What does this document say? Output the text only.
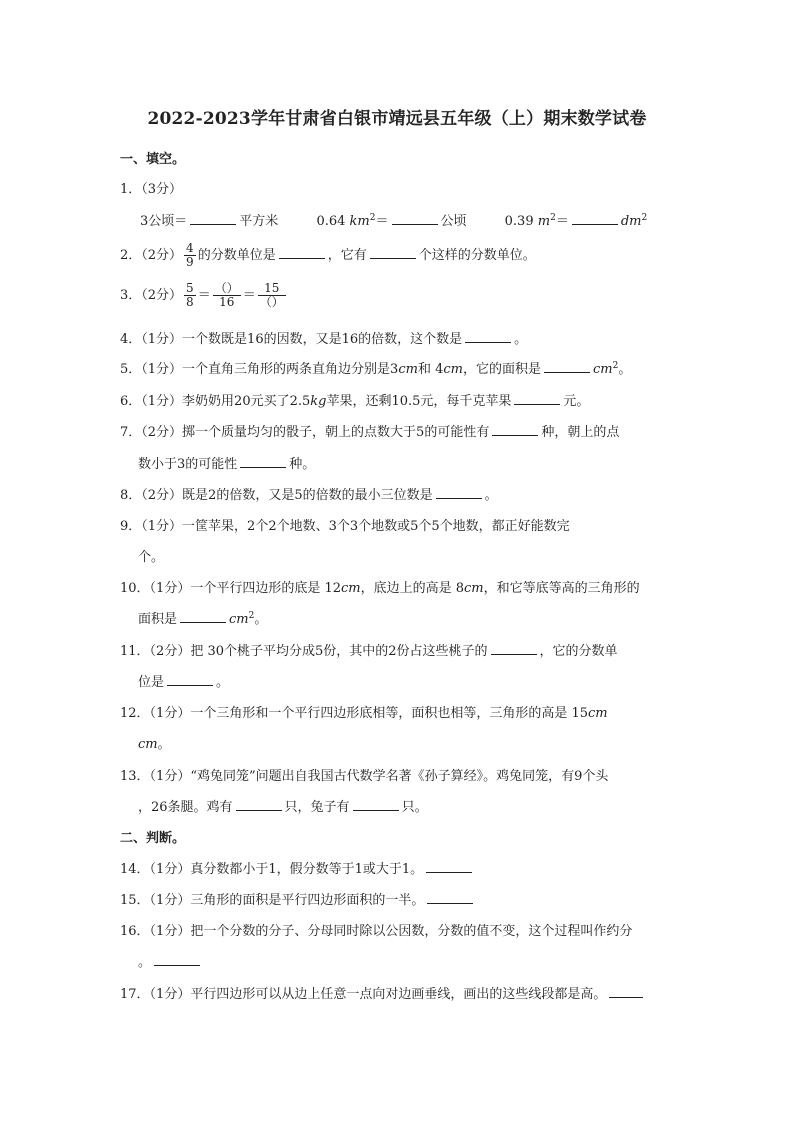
2022-2023学年甘肃省白银市靖远县五年级（上）期末数学试卷
一、填空。
1．（3分）
3公顷＝	平方米	0.64 $km^2=$	公顷	0.39 $m^2=$	$dm^2$
2．（2分） $\frac{4}{9}$ 的分数单位是	，它有	个这样的分数单位。
3．（2分） $\frac{5}{8} = \frac{()}{16} = \frac{15}{()}$
4．（1分）一个数既是16的因数，又是16的倍数，这个数是	。
5．（1分）一个直角三角形的两条直角边分别是3cm和 4cm，它的面积是	$cm^2$。
6．（1分）李奶奶用20元买了2.5kg苹果，还剩10.5元，每千克苹果	元。
7．（2分）掷一个质量均匀的骰子，朝上的点数大于5的可能性有	种，朝上的点
数小于3的可能性	种。
8．（2分）既是2的倍数，又是5的倍数的最小三位数是	。
9．（1分）一筐苹果，2个2个地数、3个3个地数或5个5个地数，都正好能数完
个。
10．（1分）一个平行四边形的底是 12cm，底边上的高是 8cm，和它等底等高的三角形的
面积是	$cm^2$。
11．（2分）把 30个桃子平均分成5份，其中的2份占这些桃子的	，它的分数单
位是	。
12．（1分）一个三角形和一个平行四边形底相等，面积也相等，三角形的高是 15cm
cm。
13．（1分）“鸡兔同笼”问题出自我国古代数学名著《孙子算经》。鸡兔同笼，有9个头
，26条腿。鸡有	只，兔子有	只。
二、判断。
14．（1分）真分数都小于1，假分数等于1或大于1。
15．（1分）三角形的面积是平行四边形面积的一半。
16．（1分）把一个分数的分子、分母同时除以公因数，分数的值不变，这个过程叫作约分
。
17．（1分）平行四边形可以从边上任意一点向对边画垂线，画出的这些线段都是高。
